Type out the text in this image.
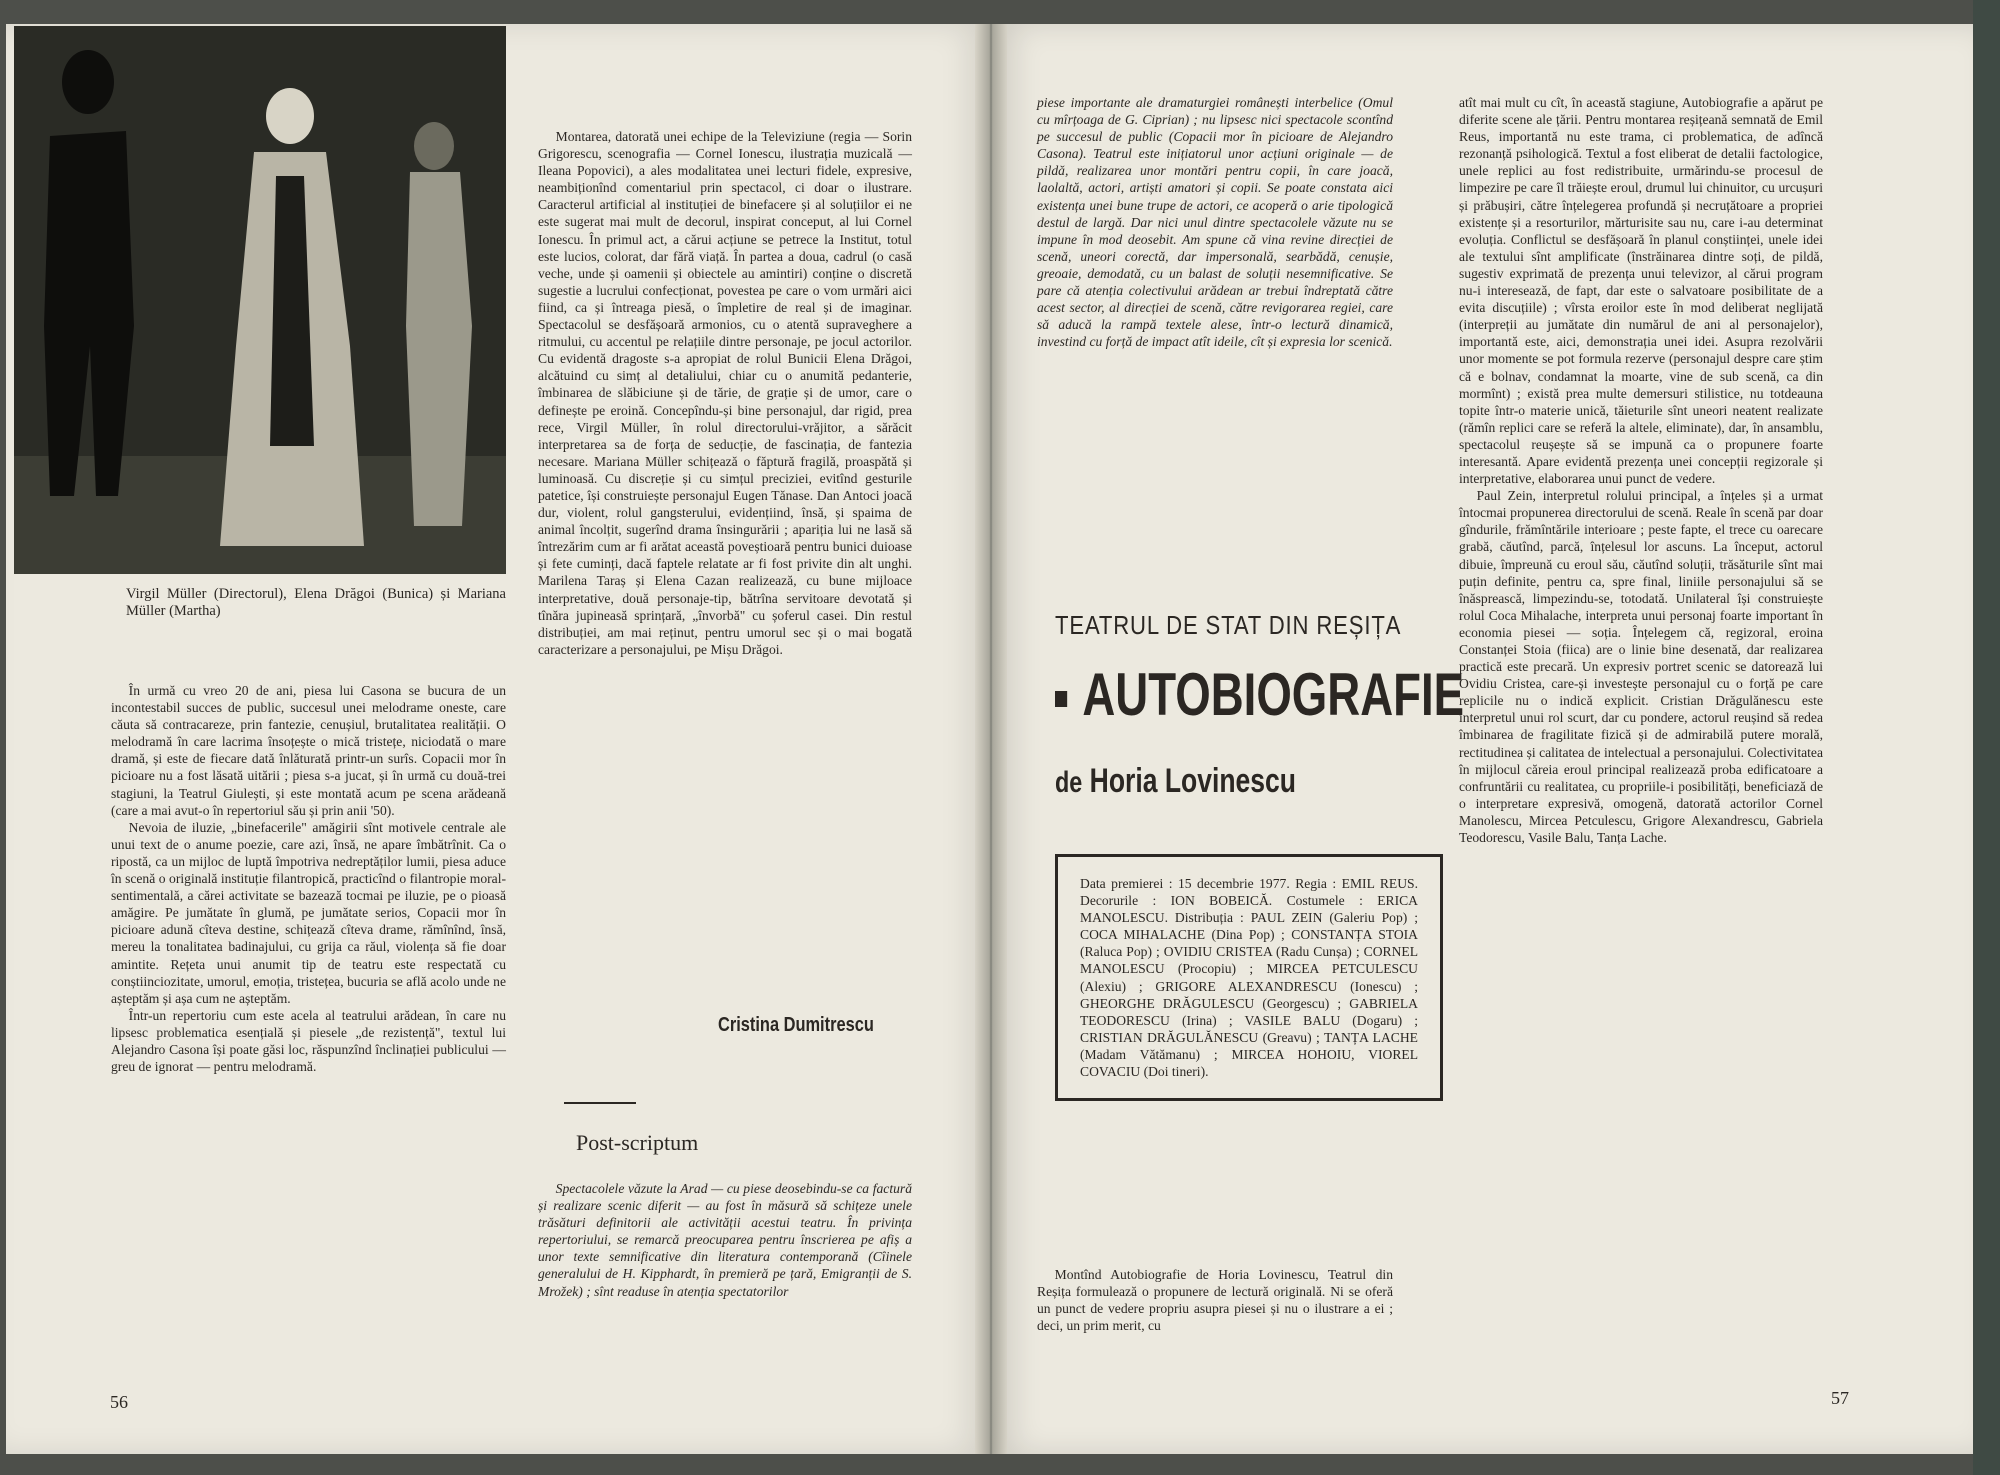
Virgil Müller (Directorul), Elena Drăgoi (Bunica) și Mariana Müller (Martha)

În urmă cu vreo 20 de ani, piesa lui Casona se bucura de un incontestabil succes de public, succesul unei melodrame oneste, care căuta să contracareze, prin fantezie, cenușiul, brutalitatea realității. O melodramă în care lacrima însoțește o mică tristețe, niciodată o mare dramă, și este de fiecare dată înlăturată printr-un surîs. Copacii mor în picioare nu a fost lăsată uitării ; piesa s-a jucat, și în urmă cu două-trei stagiuni, la Teatrul Giulești, și este montată acum pe scena arădeană (care a mai avut-o în repertoriul său și prin anii '50).

Nevoia de iluzie, „binefacerile" amăgirii sînt motivele centrale ale unui text de o anume poezie, care azi, însă, ne apare îmbătrînit. Ca o ripostă, ca un mijloc de luptă împotriva nedreptăților lumii, piesa aduce în scenă o originală instituție filantropică, practicînd o filantropie moral-sentimentală, a cărei activitate se bazează tocmai pe iluzie, pe o pioasă amăgire. Pe jumătate în glumă, pe jumătate serios, Copacii mor în picioare adună cîteva destine, schițează cîteva drame, rămînînd, însă, mereu la tonalitatea badinajului, cu grija ca răul, violența să fie doar amintite. Rețeta unui anumit tip de teatru este respectată cu conștiinciozitate, umorul, emoția, tristețea, bucuria se află acolo unde ne așteptăm și așa cum ne așteptăm.

Într-un repertoriu cum este acela al teatrului arădean, în care nu lipsesc problematica esențială și piesele „de rezistență", textul lui Alejandro Casona își poate găsi loc, răspunzînd înclinației publicului — greu de ignorat — pentru melodramă.

Montarea, datorată unei echipe de la Televiziune (regia — Sorin Grigorescu, scenografia — Cornel Ionescu, ilustrația muzicală — Ileana Popovici), a ales modalitatea unei lecturi fidele, expresive, neambiționînd comentariul prin spectacol, ci doar o ilustrare. Caracterul artificial al instituției de binefacere și al soluțiilor ei ne este sugerat mai mult de decorul, inspirat conceput, al lui Cornel Ionescu. În primul act, a cărui acțiune se petrece la Institut, totul este lucios, colorat, dar fără viață. În partea a doua, cadrul (o casă veche, unde și oamenii și obiectele au amintiri) conține o discretă sugestie a lucrului confecționat, povestea pe care o vom urmări aici fiind, ca și întreaga piesă, o împletire de real și de imaginar. Spectacolul se desfășoară armonios, cu o atentă supraveghere a ritmului, cu accentul pe relațiile dintre personaje, pe jocul actorilor. Cu evidentă dragoste s-a apropiat de rolul Bunicii Elena Drăgoi, alcătuind cu simț al detaliului, chiar cu o anumită pedanterie, îmbinarea de slăbiciune și de tărie, de grație și de umor, care o definește pe eroină. Concepîndu-și bine personajul, dar rigid, prea rece, Virgil Müller, în rolul directorului-vrăjitor, a sărăcit interpretarea sa de forța de seducție, de fascinația, de fantezia necesare. Mariana Müller schițează o făptură fragilă, proaspătă și luminoasă. Cu discreție și cu simțul preciziei, evitînd gesturile patetice, își construiește personajul Eugen Tănase. Dan Antoci joacă dur, violent, rolul gangsterului, evidențiind, însă, și spaima de animal încolțit, sugerînd drama însingurării ; apariția lui ne lasă să întrezărim cum ar fi arătat această poveștioară pentru bunici duioase și fete cuminți, dacă faptele relatate ar fi fost privite din alt unghi. Marilena Taraș și Elena Cazan realizează, cu bune mijloace interpretative, două personaje-tip, bătrîna servitoare devotată și tînăra jupineasă sprințară, „învorbă" cu șoferul casei. Din restul distribuției, am mai reținut, pentru umorul sec și o mai bogată caracterizare a personajului, pe Mișu Drăgoi.

Cristina Dumitrescu
Post-scriptum

Spectacolele văzute la Arad — cu piese deosebindu-se ca factură și realizare scenic diferit — au fost în măsură să schițeze unele trăsături definitorii ale activității acestui teatru. În privința repertoriului, se remarcă preocuparea pentru înscrierea pe afiș a unor texte semnificative din literatura contemporană (Cîinele generalului de H. Kipphardt, în premieră pe țară, Emigranții de S. Mrožek) ; sînt readuse în atenția spectatorilor

56

piese importante ale dramaturgiei românești interbelice (Omul cu mîrțoaga de G. Ciprian) ; nu lipsesc nici spectacole scontînd pe succesul de public (Copacii mor în picioare de Alejandro Casona). Teatrul este inițiatorul unor acțiuni originale — de pildă, realizarea unor montări pentru copii, în care joacă, laolaltă, actori, artiști amatori și copii. Se poate constata aici existența unei bune trupe de actori, ce acoperă o arie tipologică destul de largă. Dar nici unul dintre spectacolele văzute nu se impune în mod deosebit. Am spune că vina revine direcției de scenă, uneori corectă, dar impersonală, searbădă, cenușie, greoaie, demodată, cu un balast de soluții nesemnificative. Se pare că atenția colectivului arădean ar trebui îndreptată către acest sector, al direcției de scenă, către revigorarea regiei, care să aducă la rampă textele alese, într-o lectură dinamică, investind cu forță de impact atît ideile, cît și expresia lor scenică.

TEATRUL DE STAT DIN REȘIȚA
AUTOBIOGRAFIE
de Horia Lovinescu
Data premierei : 15 decembrie 1977. Regia : EMIL REUS. Decorurile : ION BOBEICĂ. Costumele : ERICA MANOLESCU. Distribuția : PAUL ZEIN (Galeriu Pop) ; COCA MIHALACHE (Dina Pop) ; CONSTANȚA STOIA (Raluca Pop) ; OVIDIU CRISTEA (Radu Cunșa) ; CORNEL MANOLESCU (Procopiu) ; MIRCEA PETCULESCU (Alexiu) ; GRIGORE ALEXANDRESCU (Ionescu) ; GHEORGHE DRĂGULESCU (Georgescu) ; GABRIELA TEODORESCU (Irina) ; VASILE BALU (Dogaru) ; CRISTIAN DRĂGULĂNESCU (Greavu) ; TANȚA LACHE (Madam Vătămanu) ; MIRCEA HOHOIU, VIOREL COVACIU (Doi tineri).

Montînd Autobiografie de Horia Lovinescu, Teatrul din Reșița formulează o propunere de lectură originală. Ni se oferă un punct de vedere propriu asupra piesei și nu o ilustrare a ei ; deci, un prim merit, cu

atît mai mult cu cît, în această stagiune, Autobiografie a apărut pe diferite scene ale țării. Pentru montarea reșițeană semnată de Emil Reus, importantă nu este trama, ci problematica, de adîncă rezonanță psihologică. Textul a fost eliberat de detalii factologice, unele replici au fost redistribuite, urmărindu-se procesul de limpezire pe care îl trăiește eroul, drumul lui chinuitor, cu urcușuri și prăbușiri, către înțelegerea profundă și necruțătoare a propriei existențe și a resorturilor, mărturisite sau nu, care i-au determinat evoluția. Conflictul se desfășoară în planul conștiinței, unele idei ale textului sînt amplificate (înstrăinarea dintre soți, de pildă, sugestiv exprimată de prezența unui televizor, al cărui program nu-i interesează, de fapt, dar este o salvatoare posibilitate de a evita discuțiile) ; vîrsta eroilor este în mod deliberat neglijată (interpreții au jumătate din numărul de ani al personajelor), importantă este, aici, demonstrația unei idei. Asupra rezolvării unor momente se pot formula rezerve (personajul despre care știm că e bolnav, condamnat la moarte, vine de sub scenă, ca din mormînt) ; există prea multe demersuri stilistice, nu totdeauna topite într-o materie unică, tăieturile sînt uneori neatent realizate (rămîn replici care se referă la altele, eliminate), dar, în ansamblu, spectacolul reușește să se impună ca o propunere foarte interesantă. Apare evidentă prezența unei concepții regizorale și interpretative, elaborarea unui punct de vedere.

Paul Zein, interpretul rolului principal, a înțeles și a urmat întocmai propunerea directorului de scenă. Reale în scenă par doar gîndurile, frămîntările interioare ; peste fapte, el trece cu oarecare grabă, căutînd, parcă, înțelesul lor ascuns. La început, actorul dibuie, împreună cu eroul său, căutînd soluții, trăsăturile sînt mai puțin definite, pentru ca, spre final, liniile personajului să se înăsprească, limpezindu-se, totodată. Unilateral își construiește rolul Coca Mihalache, interpreta unui personaj foarte important în economia piesei — soția. Înțelegem că, regizoral, eroina Constanței Stoia (fiica) are o linie bine desenată, dar realizarea practică este precară. Un expresiv portret scenic se datorează lui Ovidiu Cristea, care-și investește personajul cu o forță pe care replicile nu o indică explicit. Cristian Drăgulănescu este interpretul unui rol scurt, dar cu pondere, actorul reușind să redea îmbinarea de fragilitate fizică și de admirabilă putere morală, rectitudinea și calitatea de intelectual a personajului. Colectivitatea în mijlocul căreia eroul principal realizează proba edificatoare a confruntării cu realitatea, cu propriile-i posibilități, beneficiază de o interpretare expresivă, omogenă, datorată actorilor Cornel Manolescu, Mircea Petculescu, Grigore Alexandrescu, Gabriela Teodorescu, Vasile Balu, Tanța Lache.

57
